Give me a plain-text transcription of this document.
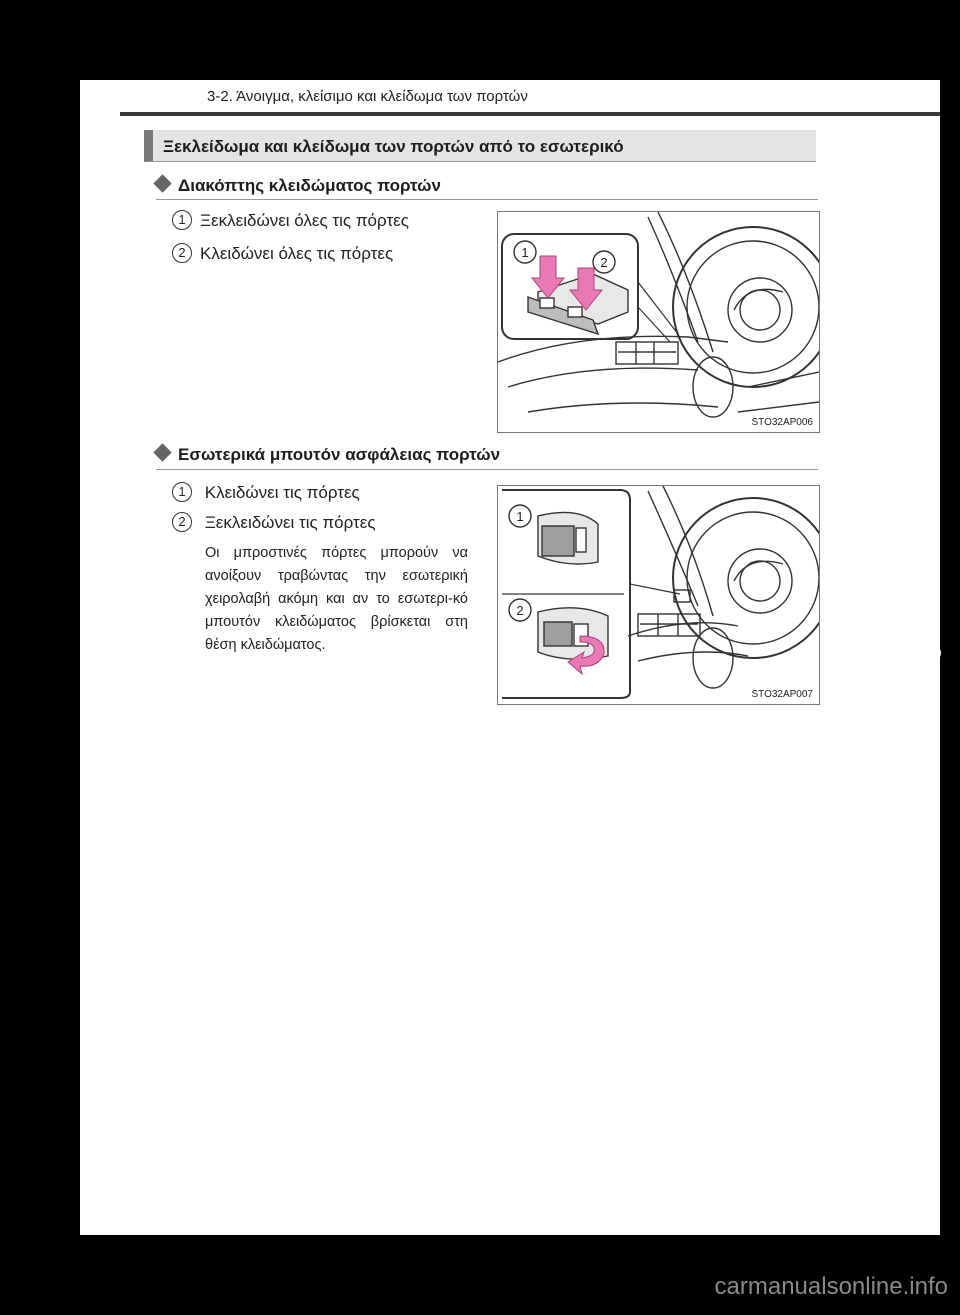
3-2. Άνοιγμα, κλείσιμο και κλείδωμα των πορτών
Ξεκλείδωμα και κλείδωμα των πορτών από το εσωτερικό
Διακόπτης κλειδώματος πορτών
1 Ξεκλειδώνει όλες τις πόρτες
2 Κλειδώνει όλες τις πόρτες	1
2
STO32AP006
Εσωτερικά μπουτόν ασφάλειας πορτών
1 Κλειδώνει τις πόρτες
2 Ξεκλειδώνει τις πόρτες
Οι μπροστινές πόρτες μπορούν να ανοίξουν τραβώντας την εσωτερική χειρολαβή ακόμη και αν το εσωτερι-κό μπουτόν κλειδώματος βρίσκεται στη θέση κλειδώματος.
1
2
STO32AP007
carmanualsonline.info
